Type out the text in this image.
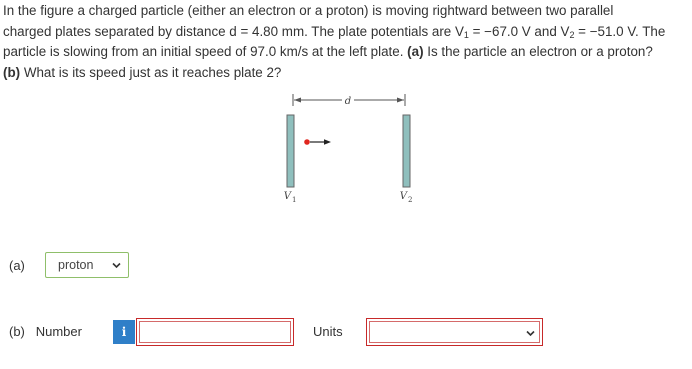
In the figure a charged particle (either an electron or a proton) is moving rightward between two parallel
charged plates separated by distance d = 4.80 mm. The plate potentials are $V_1 = -67.0$ V and $V_2 = -51.0$ V. The
particle is slowing from an initial speed of 97.0 km/s at the left plate. (a) Is the particle an electron or a proton?
(b) What is its speed just as it reaches plate 2?
d
V 1	V 2
(a)	proton
(b)   Number	i	Units
